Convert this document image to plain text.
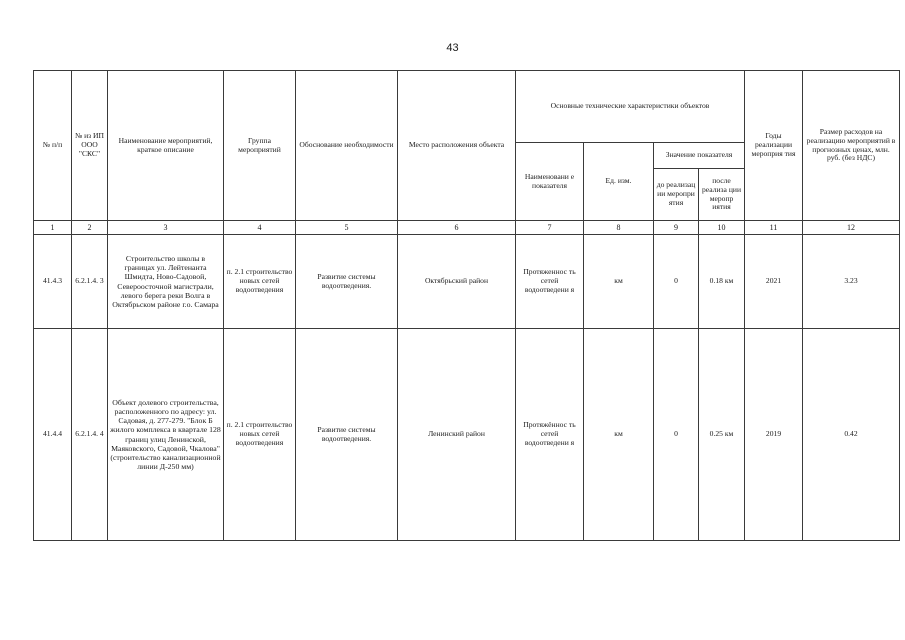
43
№ п/п	№ из ИП ООО "СКС"	Наименование мероприятий, краткое описание	Группа мероприятий	Обоснование необходимости	Место расположения объекта	Основные технические характеристики объектов				Годы реализации мероприя тия	Размер расходов на реализацию мероприятий в прогнозных ценах, млн. руб. (без НДС)
						Наименовани е показателя	Ед. изм.	Значение показателя			
								до реализац ии меропри ятия	после реализа ции меропр иятия		
1	2	3	4	5	6	7	8	9	10	11	12
41.4.3	6.2.1.4. 3	Строительство школы в границах ул. Лейтенанта Шмидта, Ново-Садовой, Североосточной магистрали, левого берега реки Волга в Октябрьском районе г.о. Самара	п. 2.1 строительство новых сетей водоотведения	Развитие системы водоотведения.	Октябрьский район	Протяженнос ть сетей водоотведени я	км	0	0.18 км	2021	3.23
41.4.4	6.2.1.4. 4	Объект долевого строительства, расположенного по адресу: ул. Садовая, д. 277-279. "Блок Б жилого комплекса в квартале 128 границ улиц Ленинской, Маяковского, Садовой, Чкалова" (строительство канализационной линии Д-250 мм)	п. 2.1 строительство новых сетей водоотведения	Развитие системы водоотведения.	Ленинский район	Протяжённос ть сетей водоотведени я	км	0	0.25 км	2019	0.42
